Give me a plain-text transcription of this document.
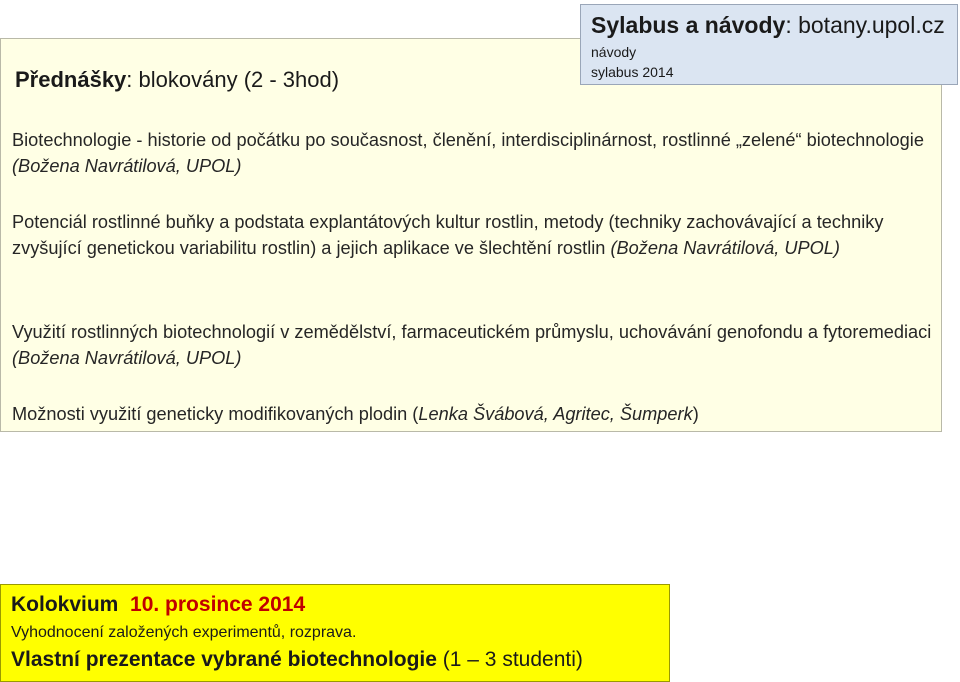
Přednášky: blokovány (2 - 3hod)
Biotechnologie - historie od počátku po současnost, členění, interdisciplinárnost, rostlinné „zelené“ biotechnologie (Božena Navrátilová, UPOL)
Potenciál rostlinné buňky a podstata explantátových kultur rostlin, metody (techniky zachovávající a techniky zvyšující genetickou variabilitu rostlin) a jejich aplikace ve šlechtění rostlin (Božena Navrátilová, UPOL)
Využití rostlinných biotechnologií v zemědělství, farmaceutickém průmyslu, uchovávání genofondu a fytoremediaci (Božena Navrátilová, UPOL)
Možnosti využití geneticky modifikovaných plodin (Lenka Švábová, Agritec, Šumperk)
Sylabus a návody: botany.upol.cz
návody
sylabus 2014
Kolokvium 10. prosince 2014
Vyhodnocení založených experimentů, rozprava.
Vlastní prezentace vybrané biotechnologie (1 – 3 studenti)
